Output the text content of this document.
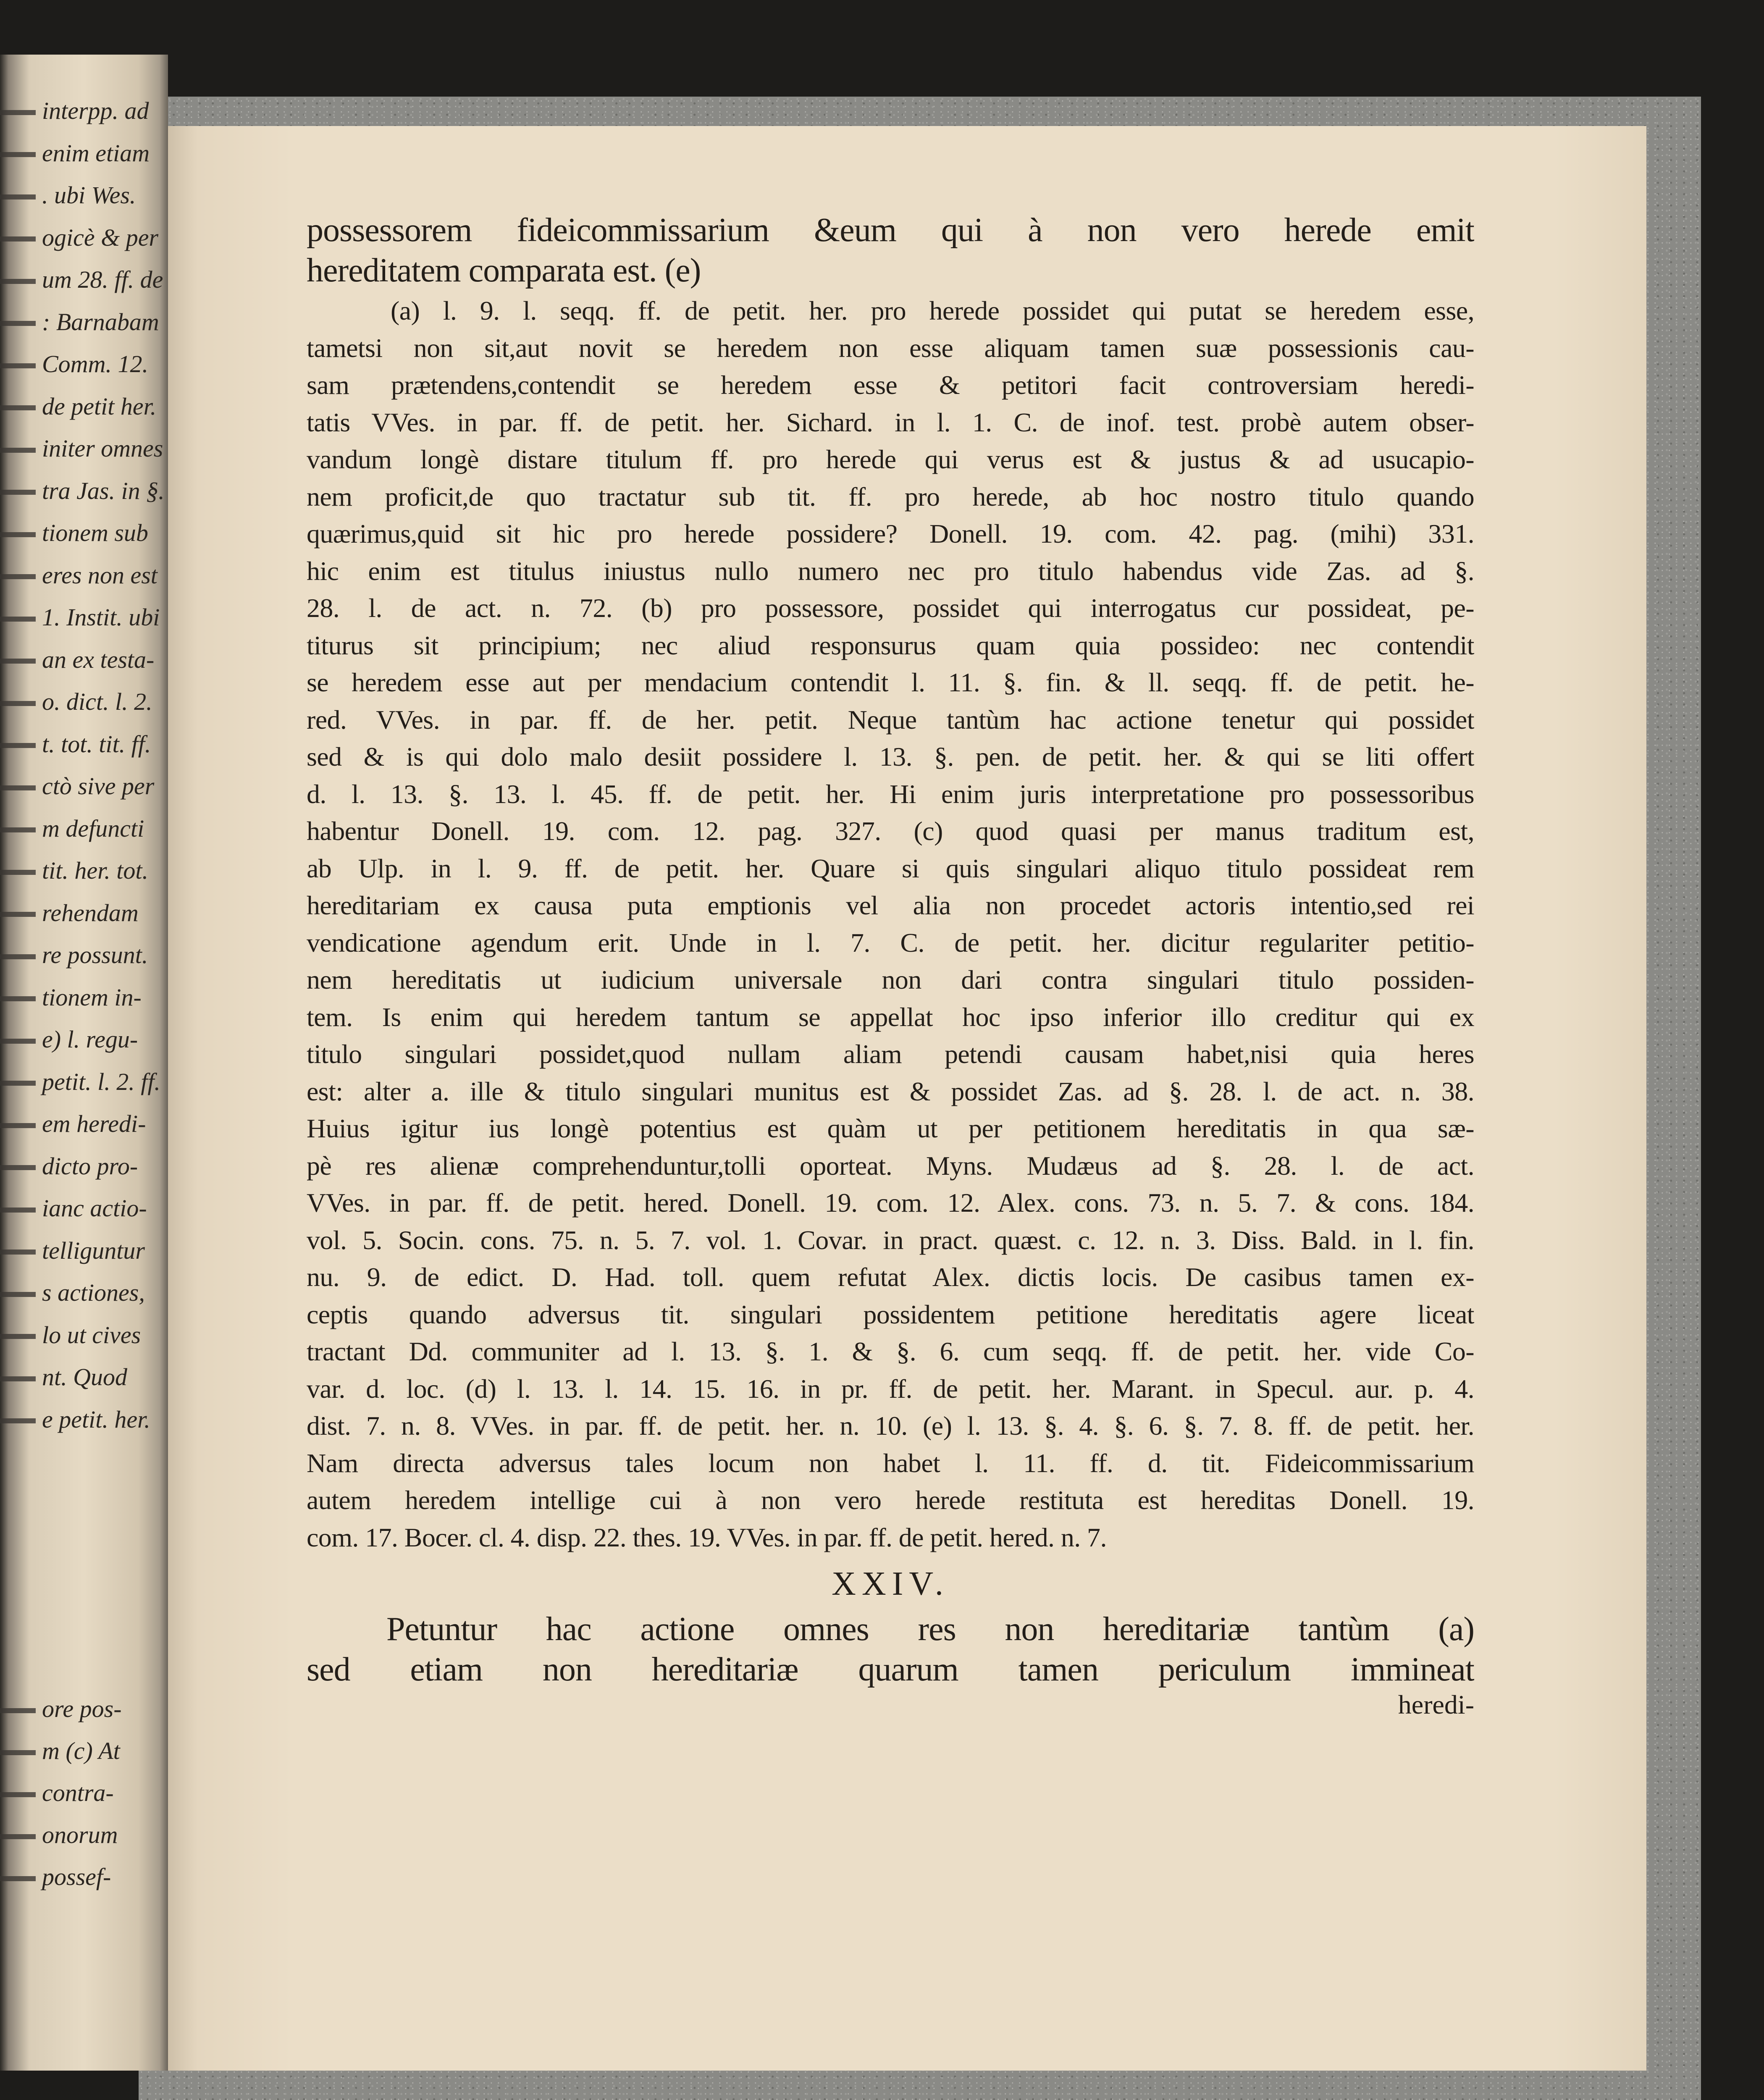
interpp. ad
enim etiam
. ubi Wes.
ogicè & per
um 28. ff. de
: Barnabam
Comm. 12.
de petit her.
initer omnes
tra Jas. in §.
tionem sub
eres non est
1. Instit. ubi
an ex testa-
o. dict. l. 2.
t. tot. tit. ff.
ctò sive per
m defuncti
tit. her. tot.
rehendam
re possunt.
tionem in-
e) l. regu-
petit. l. 2. ff.
em heredi-
dicto pro-
ianc actio-
telliguntur
s actiones,
lo ut cives
nt. Quod
e petit. her.
ore pos-
m (c) At
contra-
onorum
possef-
possessorem fideicommissarium &eum qui à non vero herede emit
hereditatem comparata est. (e)
(a) l. 9. l. seqq. ff. de petit. her. pro herede possidet qui putat se heredem esse,
tametsi non sit,aut novit se heredem non esse aliquam tamen suæ possessionis cau-
sam prætendens,contendit se heredem esse & petitori facit controversiam heredi-
tatis VVes. in par. ff. de petit. her. Sichard. in l. 1. C. de inof. test. probè autem obser-
vandum longè distare titulum ff. pro herede qui verus est & justus & ad usucapio-
nem proficit,de quo tractatur sub tit. ff. pro herede, ab hoc nostro titulo quando
quærimus,quid sit hic pro herede possidere? Donell. 19. com. 42. pag. (mihi) 331.
hic enim est titulus iniustus nullo numero nec pro titulo habendus vide Zas. ad §.
28. l. de act. n. 72. (b) pro possessore, possidet qui interrogatus cur possideat, pe-
titurus sit principium; nec aliud responsurus quam quia possideo: nec contendit
se heredem esse aut per mendacium contendit l. 11. §. fin. & ll. seqq. ff. de petit. he-
red. VVes. in par. ff. de her. petit. Neque tantùm hac actione tenetur qui possidet
sed & is qui dolo malo desiit possidere l. 13. §. pen. de petit. her. & qui se liti offert
d. l. 13. §. 13. l. 45. ff. de petit. her. Hi enim juris interpretatione pro possessoribus
habentur Donell. 19. com. 12. pag. 327. (c) quod quasi per manus traditum est,
ab Ulp. in l. 9. ff. de petit. her. Quare si quis singulari aliquo titulo possideat rem
hereditariam ex causa puta emptionis vel alia non procedet actoris intentio,sed rei
vendicatione agendum erit. Unde in l. 7. C. de petit. her. dicitur regulariter petitio-
nem hereditatis ut iudicium universale non dari contra singulari titulo possiden-
tem. Is enim qui heredem tantum se appellat hoc ipso inferior illo creditur qui ex
titulo singulari possidet,quod nullam aliam petendi causam habet,nisi quia heres
est: alter a. ille & titulo singulari munitus est & possidet Zas. ad §. 28. l. de act. n. 38.
Huius igitur ius longè potentius est quàm ut per petitionem hereditatis in qua sæ-
pè res alienæ comprehenduntur,tolli oporteat. Myns. Mudæus ad §. 28. l. de act.
VVes. in par. ff. de petit. hered. Donell. 19. com. 12. Alex. cons. 73. n. 5. 7. & cons. 184.
vol. 5. Socin. cons. 75. n. 5. 7. vol. 1. Covar. in pract. quæst. c. 12. n. 3. Diss. Bald. in l. fin.
nu. 9. de edict. D. Had. toll. quem refutat Alex. dictis locis. De casibus tamen ex-
ceptis quando adversus tit. singulari possidentem petitione hereditatis agere liceat
tractant Dd. communiter ad l. 13. §. 1. & §. 6. cum seqq. ff. de petit. her. vide Co-
var. d. loc. (d) l. 13. l. 14. 15. 16. in pr. ff. de petit. her. Marant. in Specul. aur. p. 4.
dist. 7. n. 8. VVes. in par. ff. de petit. her. n. 10. (e) l. 13. §. 4. §. 6. §. 7. 8. ff. de petit. her.
Nam directa adversus tales locum non habet l. 11. ff. d. tit. Fideicommissarium
autem heredem intellige cui à non vero herede restituta est hereditas Donell. 19.
com. 17. Bocer. cl. 4. disp. 22. thes. 19. VVes. in par. ff. de petit. hered. n. 7.
XXIV.
Petuntur hac actione omnes res non hereditariæ tantùm (a)
sed etiam non hereditariæ quarum tamen periculum immineat
heredi-
